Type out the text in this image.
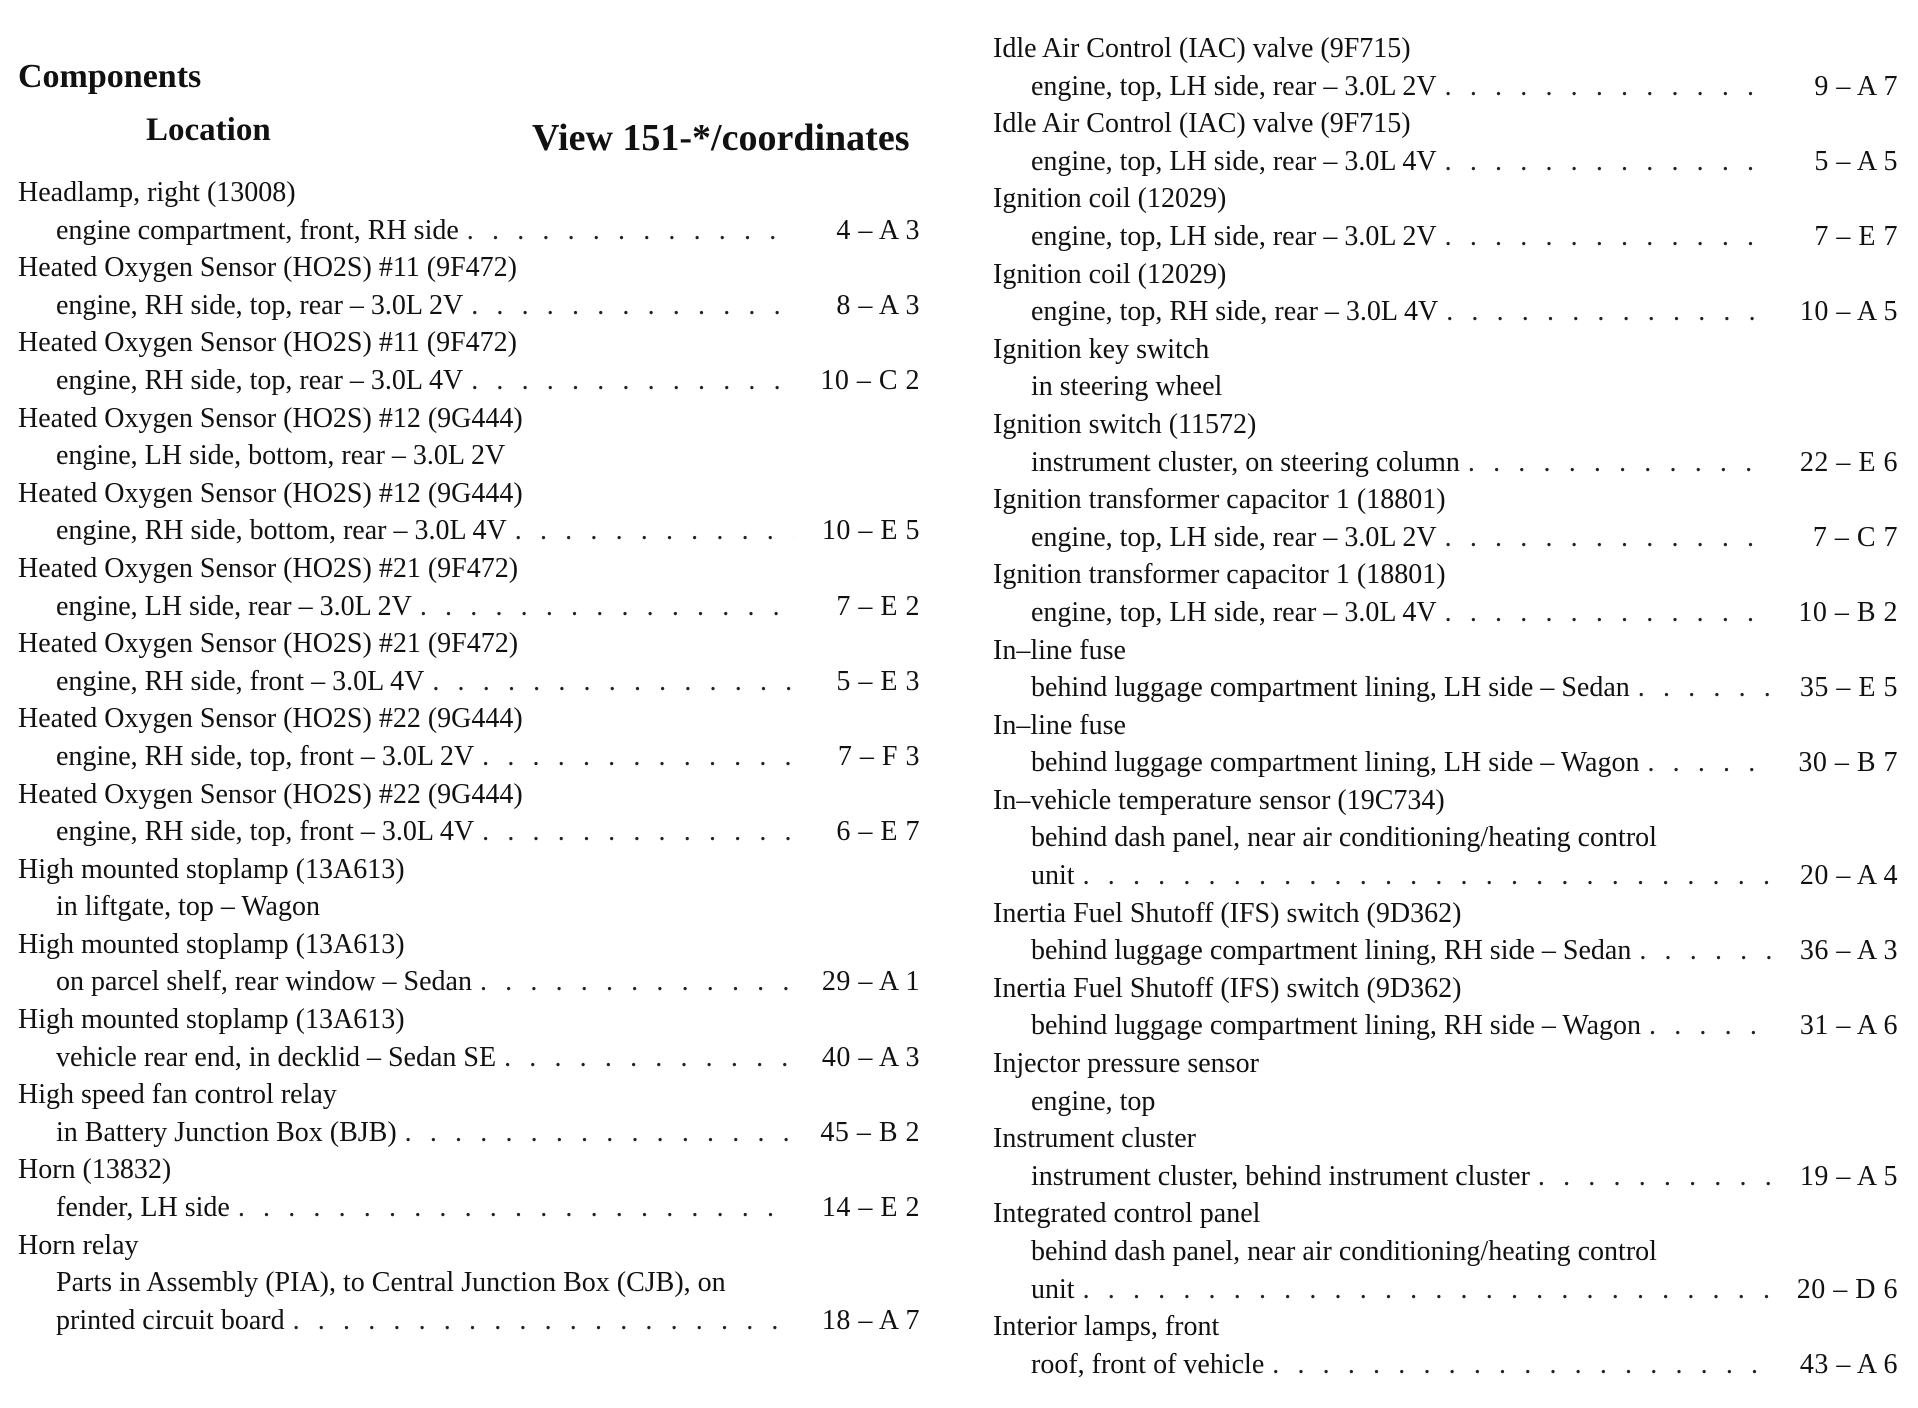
Components
Location	View 151-*/coordinates
Headlamp, right (13008)
engine compartment, front, RH side . . .	4 – A 3
Heated Oxygen Sensor (HO2S) #11 (9F472)
engine, RH side, top, rear – 3.0L 2V . . .	8 – A 3
Heated Oxygen Sensor (HO2S) #11 (9F472)
engine, RH side, top, rear – 3.0L 4V . . .	10 – C 2
Heated Oxygen Sensor (HO2S) #12 (9G444)
engine, LH side, bottom, rear – 3.0L 2V
Heated Oxygen Sensor (HO2S) #12 (9G444)
engine, RH side, bottom, rear – 3.0L 4V . . .	10 – E 5
Heated Oxygen Sensor (HO2S) #21 (9F472)
engine, LH side, rear – 3.0L 2V . . .	7 – E 2
Heated Oxygen Sensor (HO2S) #21 (9F472)
engine, RH side, front – 3.0L 4V . . .	5 – E 3
Heated Oxygen Sensor (HO2S) #22 (9G444)
engine, RH side, top, front – 3.0L 2V . . .	7 – F 3
Heated Oxygen Sensor (HO2S) #22 (9G444)
engine, RH side, top, front – 3.0L 4V . . .	6 – E 7
High mounted stoplamp (13A613)
in liftgate, top – Wagon
High mounted stoplamp (13A613)
on parcel shelf, rear window – Sedan . . .	29 – A 1
High mounted stoplamp (13A613)
vehicle rear end, in decklid – Sedan SE . . .	40 – A 3
High speed fan control relay
in Battery Junction Box (BJB) . . .	45 – B 2
Horn (13832)
fender, LH side . . .	14 – E 2
Horn relay
Parts in Assembly (PIA), to Central Junction Box (CJB), on
printed circuit board . . .	18 – A 7
Idle Air Control (IAC) valve (9F715)
engine, top, LH side, rear – 3.0L 2V . . .	9 – A 7
Idle Air Control (IAC) valve (9F715)
engine, top, LH side, rear – 3.0L 4V . . .	5 – A 5
Ignition coil (12029)
engine, top, LH side, rear – 3.0L 2V . . .	7 – E 7
Ignition coil (12029)
engine, top, RH side, rear – 3.0L 4V . . .	10 – A 5
Ignition key switch
in steering wheel
Ignition switch (11572)
instrument cluster, on steering column . . .	22 – E 6
Ignition transformer capacitor 1 (18801)
engine, top, LH side, rear – 3.0L 2V . . .	7 – C 7
Ignition transformer capacitor 1 (18801)
engine, top, LH side, rear – 3.0L 4V . . .	10 – B 2
In–line fuse
behind luggage compartment lining, LH side – Sedan . . .	35 – E 5
In–line fuse
behind luggage compartment lining, LH side – Wagon . . .	30 – B 7
In–vehicle temperature sensor (19C734)
behind dash panel, near air conditioning/heating control
unit . . .	20 – A 4
Inertia Fuel Shutoff (IFS) switch (9D362)
behind luggage compartment lining, RH side – Sedan . . .	36 – A 3
Inertia Fuel Shutoff (IFS) switch (9D362)
behind luggage compartment lining, RH side – Wagon . . .	31 – A 6
Injector pressure sensor
engine, top
Instrument cluster
instrument cluster, behind instrument cluster . . .	19 – A 5
Integrated control panel
behind dash panel, near air conditioning/heating control
unit . . .	20 – D 6
Interior lamps, front
roof, front of vehicle . . .	43 – A 6
